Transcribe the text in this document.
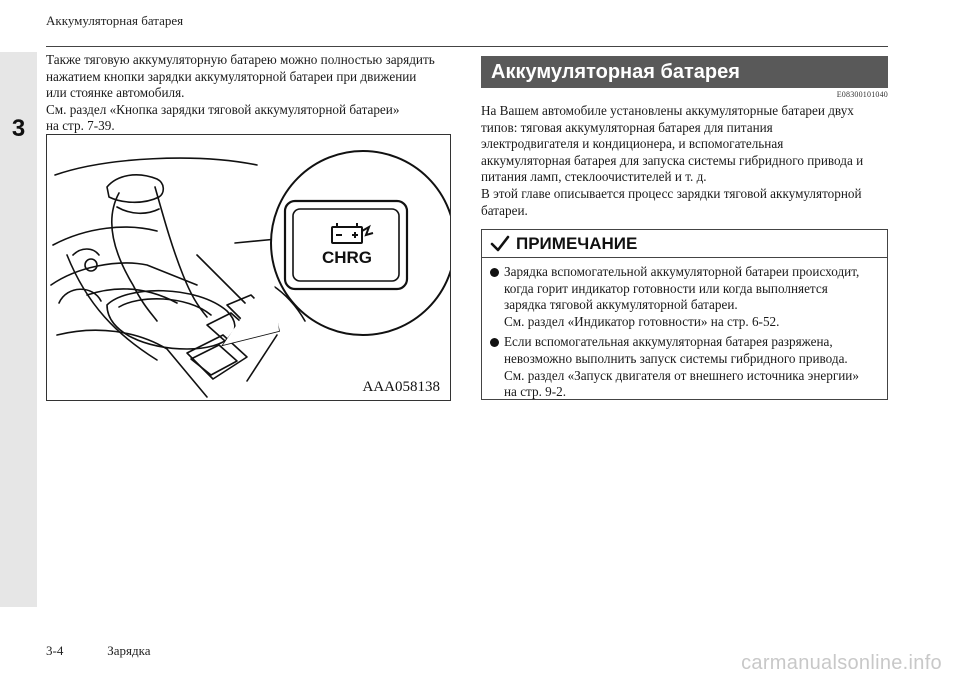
3
Аккумуляторная батарея

Также тяговую аккумуляторную батарею можно полностью зарядить
нажатием кнопки зарядки аккумуляторной батареи при движении
или стоянке автомобиля.
См. раздел «Кнопка зарядки тяговой аккумуляторной батареи»
на стр. 7-39.

CHRG
AAA058138
Аккумуляторная батарея
E08300101040

На Вашем автомобиле установлены аккумуляторные батареи двух
типов: тяговая аккумуляторная батарея для питания
электродвигателя и кондиционера, и вспомогательная
аккумуляторная батарея для запуска системы гибридного привода и
питания ламп, стеклоочистителей и т. д.
В этой главе описывается процесс зарядки тяговой аккумуляторной
батареи.

ПРИМЕЧАНИЕ
Зарядка вспомогательной аккумуляторной батареи происходит,
когда горит индикатор готовности или когда выполняется
зарядка тяговой аккумуляторной батареи.
См. раздел «Индикатор готовности» на стр. 6-52.
Если вспомогательная аккумуляторная батарея разряжена,
невозможно выполнить запуск системы гибридного привода.
См. раздел «Запуск двигателя от внешнего источника энергии»
на стр. 9-2.
3-4	Зарядка
carmanualsonline.info
